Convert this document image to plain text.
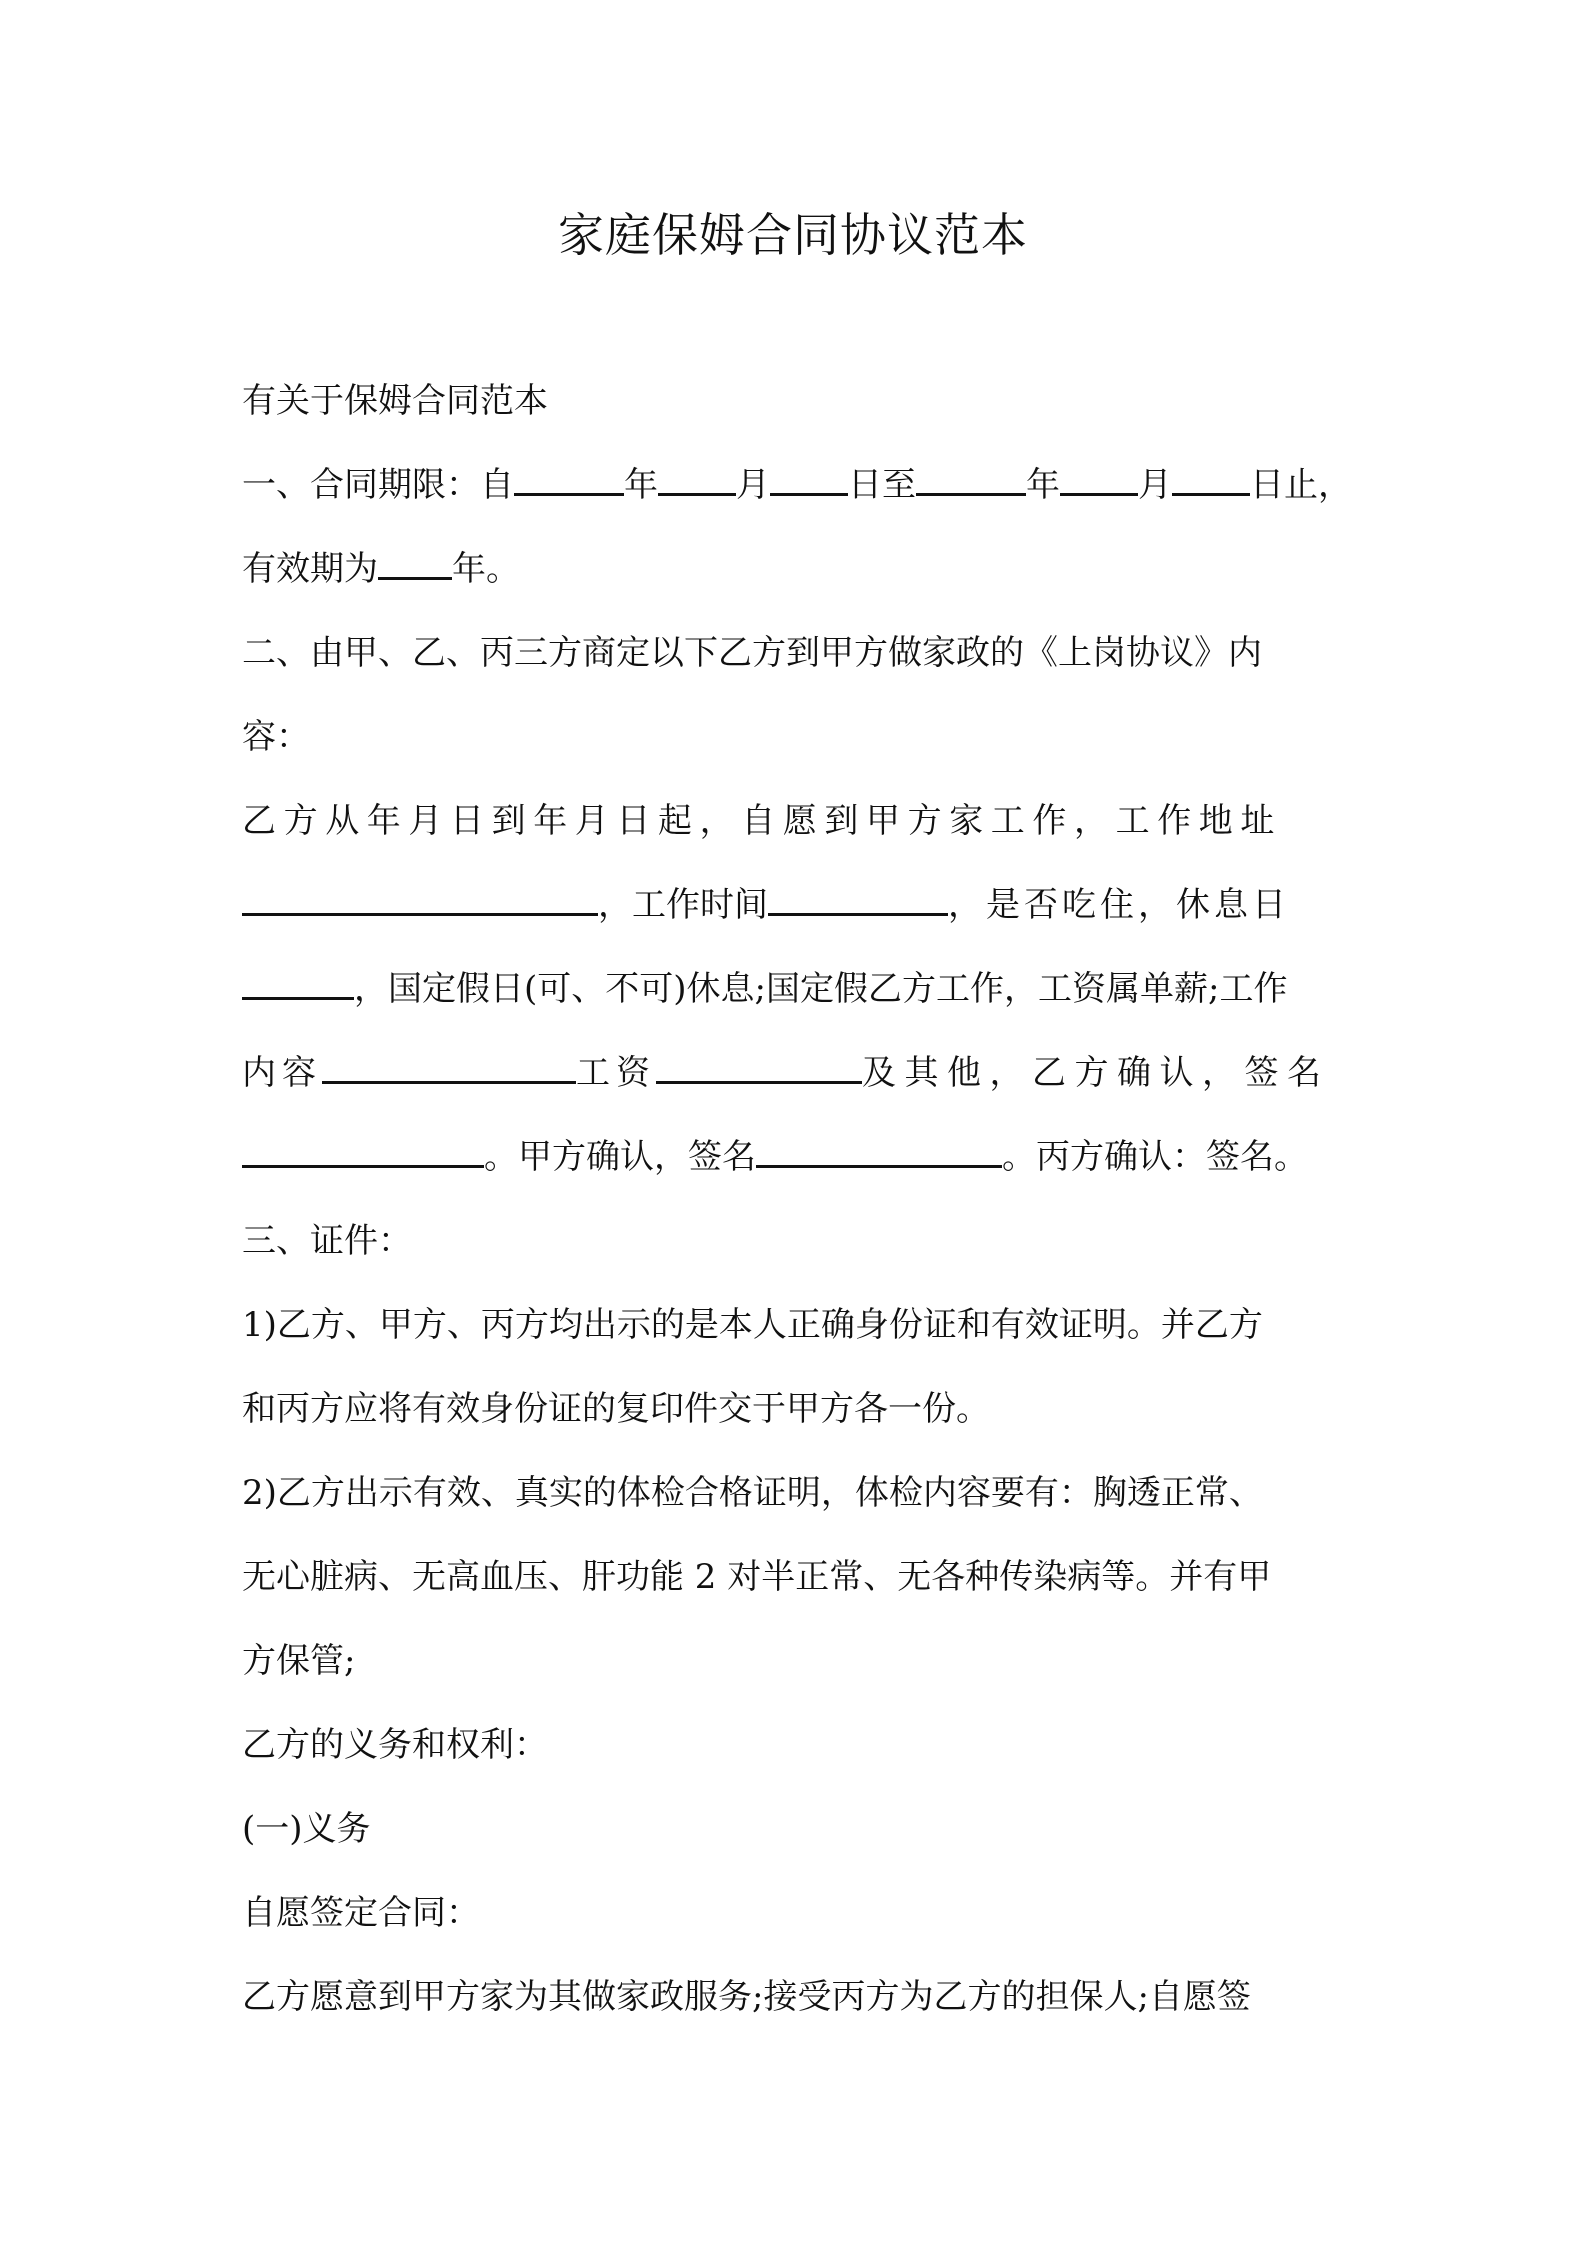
家庭保姆合同协议范本
有关于保姆合同范本
一、合同期限：自	年 月 日至	年 月 日止，
有效期为 年。
二、由甲、乙、丙三方商定以下乙方到甲方做家政的《上岗协议》内
容：
乙方从年月日到年月日起，自愿到甲方家工作，工作地址
，工作时间	，是否吃住，休息日
，国定假日(可、不可)休息;国定假乙方工作，工资属单薪;工作
内容	工资	及其他，乙方确认，签名
。甲方确认，签名	。丙方确认：签名。
三、证件：
1)乙方、甲方、丙方均出示的是本人正确身份证和有效证明。并乙方
和丙方应将有效身份证的复印件交于甲方各一份。
2)乙方出示有效、真实的体检合格证明，体检内容要有：胸透正常、
无心脏病、无高血压、肝功能 2 对半正常、无各种传染病等。并有甲
方保管;
乙方的义务和权利：
(一)义务
自愿签定合同：
乙方愿意到甲方家为其做家政服务;接受丙方为乙方的担保人;自愿签
